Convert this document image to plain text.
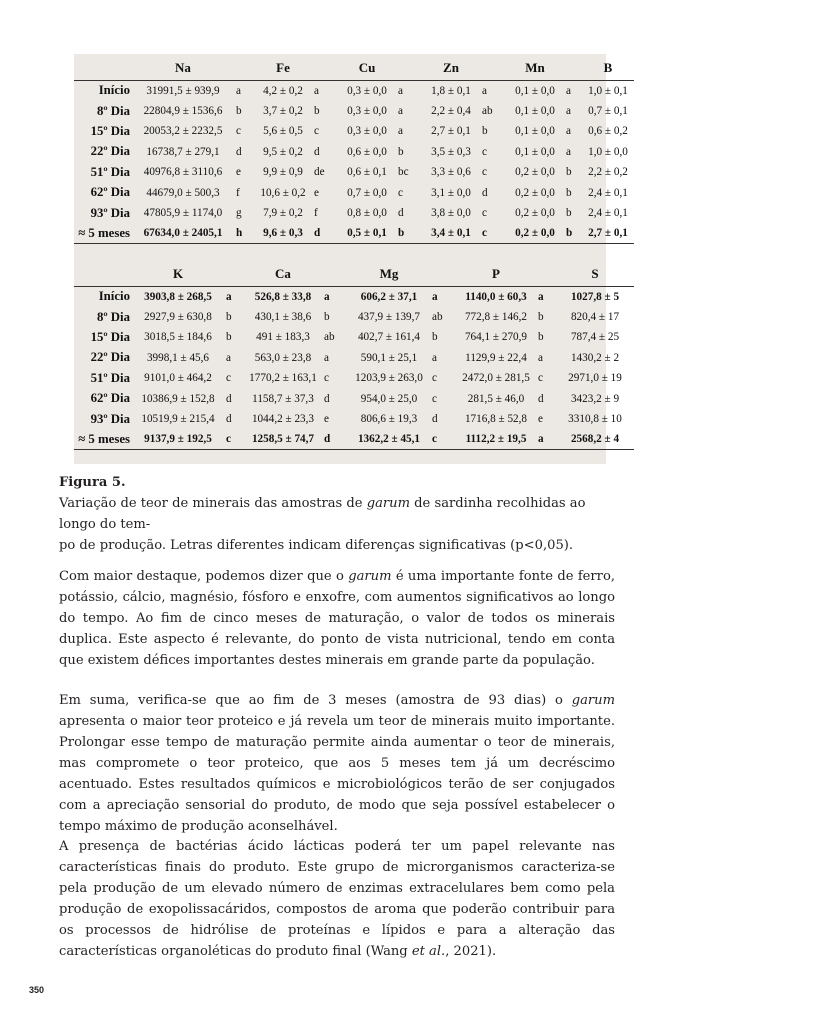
	Na		Fe		Cu		Zn		Mn		B
Início	31991,5 ± 939,9	a	4,2 ± 0,2	a	0,3 ± 0,0	a	1,8 ± 0,1	a	0,1 ± 0,0	a	1,0 ± 0,1
8º Dia	22804,9 ± 1536,6	b	3,7 ± 0,2	b	0,3 ± 0,0	a	2,2 ± 0,4	ab	0,1 ± 0,0	a	0,7 ± 0,1
15º Dia	20053,2 ± 2232,5	c	5,6 ± 0,5	c	0,3 ± 0,0	a	2,7 ± 0,1	b	0,1 ± 0,0	a	0,6 ± 0,2
22º Dia	16738,7 ± 279,1	d	9,5 ± 0,2	d	0,6 ± 0,0	b	3,5 ± 0,3	c	0,1 ± 0,0	a	1,0 ± 0,0
51º Dia	40976,8 ± 3110,6	e	9,9 ± 0,9	de	0,6 ± 0,1	bc	3,3 ± 0,6	c	0,2 ± 0,0	b	2,2 ± 0,2
62º Dia	44679,0 ± 500,3	f	10,6 ± 0,2	e	0,7 ± 0,0	c	3,1 ± 0,0	d	0,2 ± 0,0	b	2,4 ± 0,1
93º Dia	47805,9 ± 1174,0	g	7,9 ± 0,2	f	0,8 ± 0,0	d	3,8 ± 0,0	c	0,2 ± 0,0	b	2,4 ± 0,1
≈ 5 meses	67634,0 ± 2405,1	h	9,6 ± 0,3	d	0,5 ± 0,1	b	3,4 ± 0,1	c	0,2 ± 0,0	b	2,7 ± 0,1
	K		Ca		Mg		P		S
Início	3903,8 ± 268,5	a	526,8 ± 33,8	a	606,2 ± 37,1	a	1140,0 ± 60,3	a	1027,8 ± 5
8º Dia	2927,9 ± 630,8	b	430,1 ± 38,6	b	437,9 ± 139,7	ab	772,8 ± 146,2	b	820,4 ± 17
15º Dia	3018,5 ± 184,6	b	491 ± 183,3	ab	402,7 ± 161,4	b	764,1 ± 270,9	b	787,4 ± 25
22º Dia	3998,1 ± 45,6	a	563,0 ± 23,8	a	590,1 ± 25,1	a	1129,9 ± 22,4	a	1430,2 ± 2
51º Dia	9101,0 ± 464,2	c	1770,2 ± 163,1	c	1203,9 ± 263,0	c	2472,0 ± 281,5	c	2971,0 ± 19
62º Dia	10386,9 ± 152,8	d	1158,7 ± 37,3	d	954,0 ± 25,0	c	281,5 ± 46,0	d	3423,2 ± 9
93º Dia	10519,9 ± 215,4	d	1044,2 ± 23,3	e	806,6 ± 19,3	d	1716,8 ± 52,8	e	3310,8 ± 10
≈ 5 meses	9137,9 ± 192,5	c	1258,5 ± 74,7	d	1362,2 ± 45,1	c	1112,2 ± 19,5	a	2568,2 ± 4
Figura 5.
Variação de teor de minerais das amostras de garum de sardinha recolhidas ao longo do tem-
po de produção. Letras diferentes indicam diferenças significativas (p<0,05).

Com maior destaque, podemos dizer que o garum é uma importante fonte de ferro, potássio, cálcio, magnésio, fósforo e enxofre, com aumentos significativos ao longo do tempo. Ao fim de cinco meses de maturação, o valor de todos os minerais duplica. Este aspecto é relevante, do ponto de vista nutricional, tendo em conta que existem défices importantes destes minerais em grande parte da população.

Em suma, verifica-se que ao fim de 3 meses (amostra de 93 dias) o garum apresenta o maior teor proteico e já revela um teor de minerais muito importante. Prolongar esse tempo de maturação permite ainda aumentar o teor de minerais, mas compromete o teor proteico, que aos 5 meses tem já um decréscimo acentuado. Estes resultados químicos e microbiológicos terão de ser conjugados com a apreciação sensorial do produto, de modo que seja possível estabelecer o tempo máximo de produção aconselhável.

A presença de bactérias ácido lácticas poderá ter um papel relevante nas características finais do produto. Este grupo de microrganismos caracteriza-se pela produção de um elevado número de enzimas extracelulares bem como pela produção de exopolissacáridos, compostos de aroma que poderão contribuir para os processos de hidrólise de proteínas e lípidos e para a alteração das características organoléticas do produto final (Wang et al., 2021).

350
